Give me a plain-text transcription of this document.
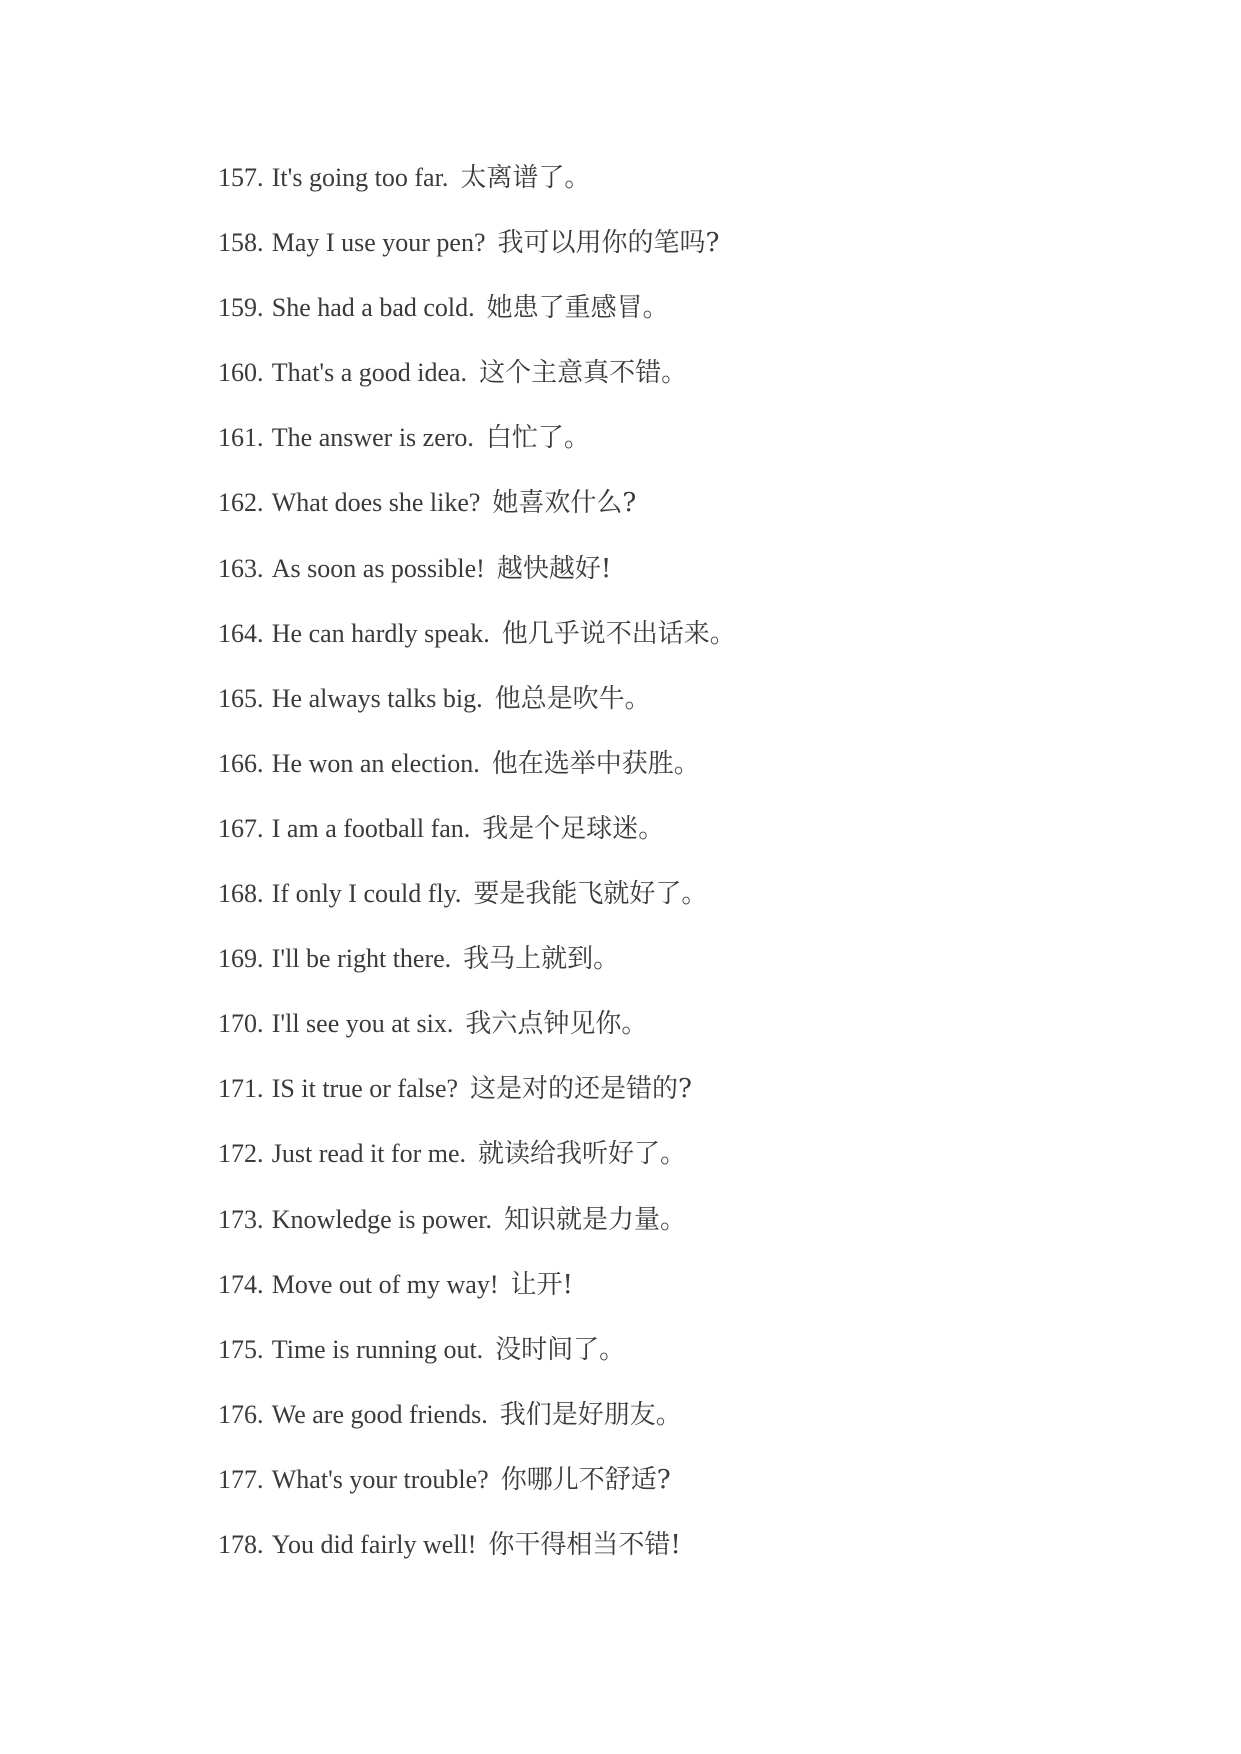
157. It's going too far. 太离谱了。
158. May I use your pen? 我可以用你的笔吗?
159. She had a bad cold. 她患了重感冒。
160. That's a good idea. 这个主意真不错。
161. The answer is zero. 白忙了。
162. What does she like? 她喜欢什么?
163. As soon as possible! 越快越好!
164. He can hardly speak. 他几乎说不出话来。
165. He always talks big. 他总是吹牛。
166. He won an election. 他在选举中获胜。
167. I am a football fan. 我是个足球迷。
168. If only I could fly. 要是我能飞就好了。
169. I'll be right there. 我马上就到。
170. I'll see you at six. 我六点钟见你。
171. IS it true or false? 这是对的还是错的?
172. Just read it for me. 就读给我听好了。
173. Knowledge is power. 知识就是力量。
174. Move out of my way! 让开!
175. Time is running out. 没时间了。
176. We are good friends. 我们是好朋友。
177. What's your trouble? 你哪儿不舒适?
178. You did fairly well! 你干得相当不错!
